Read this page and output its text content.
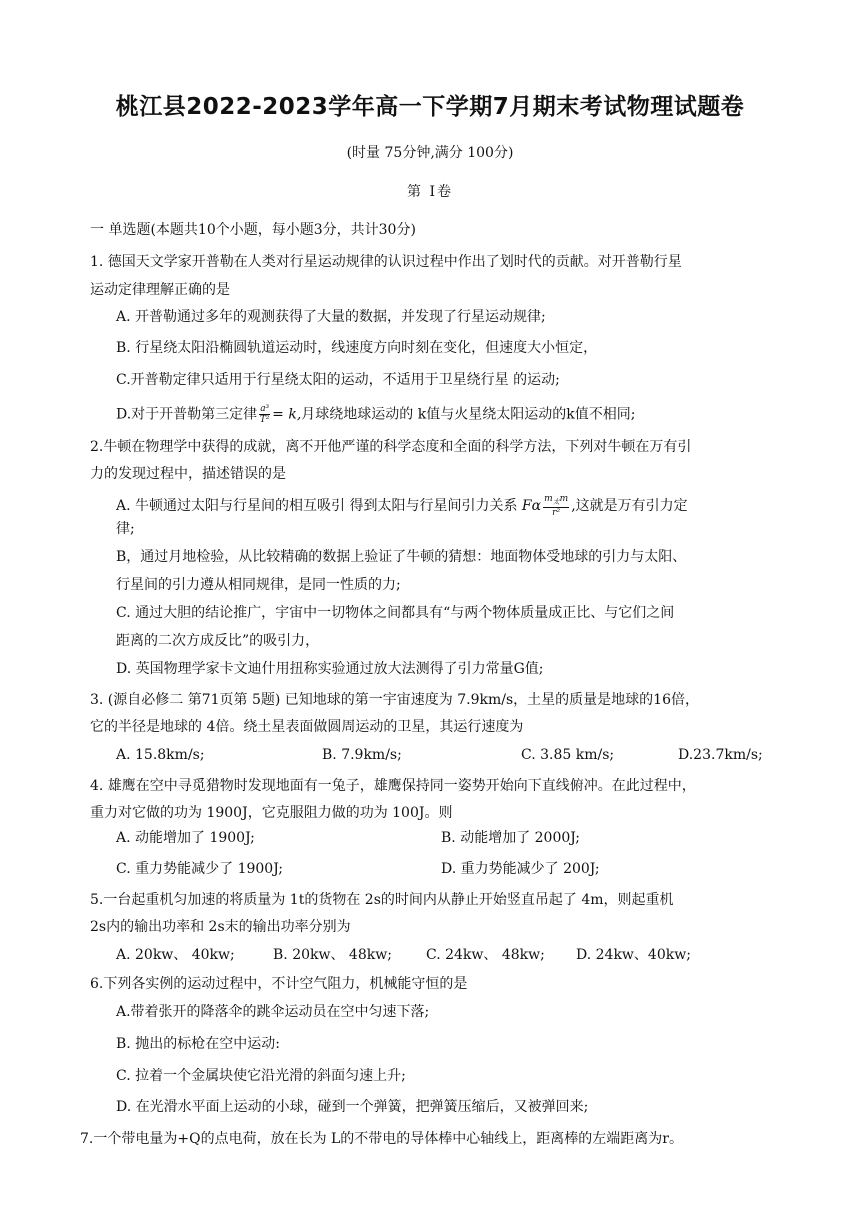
桃江县2022-2023学年高一下学期7月期末考试物理试题卷
(时量 75分钟,满分 100分)
第 Ⅰ卷
一 单选题(本题共10个小题，每小题3分，共计30分)
1. 德国天文学家开普勒在人类对行星运动规律的认识过程中作出了划时代的贡献。对开普勒行星
运动定律理解正确的是
A. 开普勒通过多年的观测获得了大量的数据，并发现了行星运动规律;
B. 行星绕太阳沿椭圆轨道运动时，线速度方向时刻在变化，但速度大小恒定，
C.开普勒定律只适用于行星绕太阳的运动，不适用于卫星绕行星 的运动;
D.对于开普勒第三定律 $\frac{\text{a³}}{\text{T²}} = k$,月球绕地球运动的 k值与火星绕太阳运动的k值不相同;
2.牛顿在物理学中获得的成就，离不开他严谨的科学态度和全面的科学方法，下列对牛顿在万有引
力的发现过程中，描述错误的是
A. 牛顿通过太阳与行星间的相互吸引 得到太阳与行星间引力关系 Fα $\frac{m_太m}{\text{r²}}$ ,这就是万有引力定
律;
B，通过月地检验，从比较精确的数据上验证了牛顿的猜想：地面物体受地球的引力与太阳、
行星间的引力遵从相同规律，是同一性质的力;
C. 通过大胆的结论推广，宇宙中一切物体之间都具有“与两个物体质量成正比、与它们之间
距离的二次方成反比”的吸引力，
D. 英国物理学家卡文迪什用扭称实验通过放大法测得了引力常量G值;
3. (源自必修二 第71页第 5题) 已知地球的第一宇宙速度为 7.9km/s，土星的质量是地球的16倍，
它的半径是地球的 4倍。绕土星表面做圆周运动的卫星，其运行速度为
A. 15.8km/s;	B. 7.9km/s;	C. 3.85 km/s;	D.23.7km/s;
4. 雄鹰在空中寻觅猎物时发现地面有一兔子，雄鹰保持同一姿势开始向下直线俯冲。在此过程中，
重力对它做的功为 1900J，它克服阻力做的功为 100J。则
A. 动能增加了 1900J;	B. 动能增加了 2000J;
C. 重力势能减少了 1900J;	D. 重力势能减少了 200J;
5.一台起重机匀加速的将质量为 1t的货物在 2s的时间内从静止开始竖直吊起了 4m，则起重机
2s内的输出功率和 2s末的输出功率分别为
A. 20kw、 40kw;	B. 20kw、 48kw; C. 24kw、 48kw; D. 24kw、40kw;
6.下列各实例的运动过程中，不计空气阻力，机械能守恒的是
A.带着张开的降落伞的跳伞运动员在空中匀速下落;
B. 抛出的标枪在空中运动:
C. 拉着一个金属块使它沿光滑的斜面匀速上升;
D. 在光滑水平面上运动的小球，碰到一个弹簧，把弹簧压缩后，又被弹回来;
7.一个带电量为+Q的点电荷，放在长为 L的不带电的导体棒中心轴线上，距离棒的左端距离为r。
